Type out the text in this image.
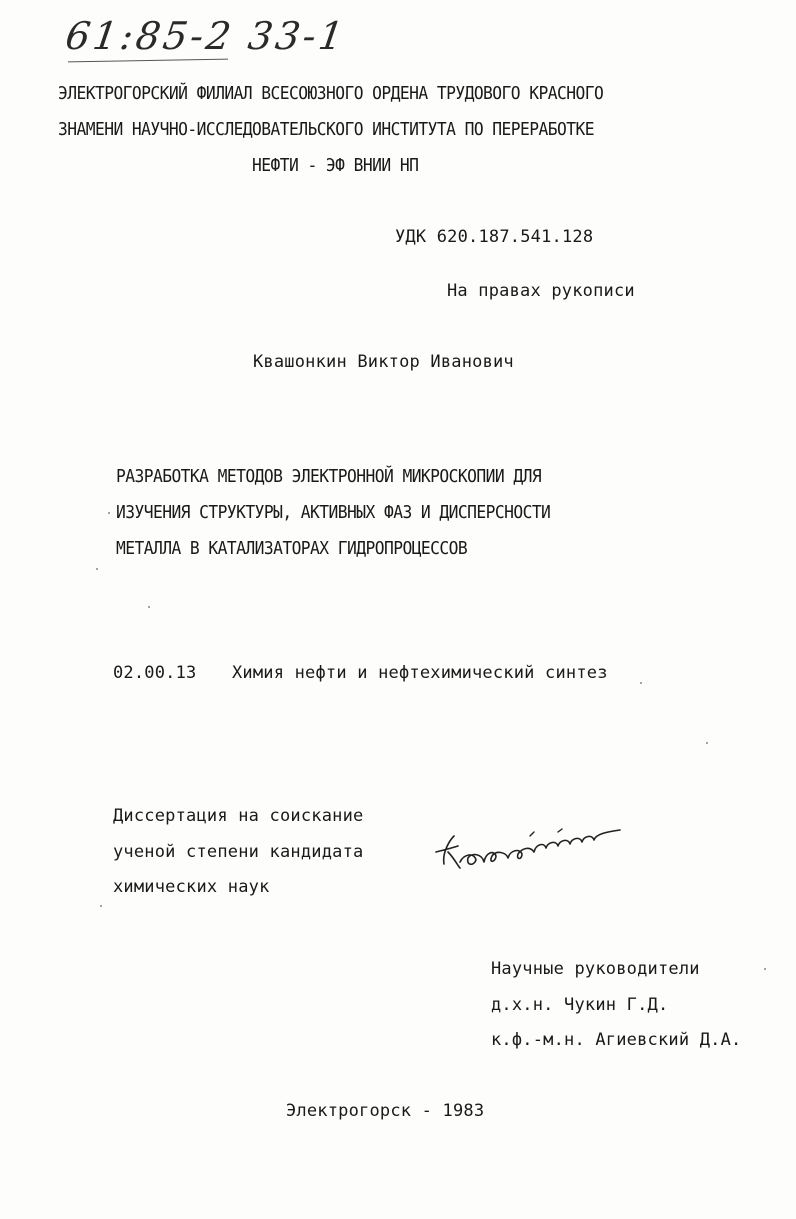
61:85-2 33-1
ЭЛЕКТРОГОРСКИЙ ФИЛИАЛ ВСЕСОЮЗНОГО ОРДЕНА ТРУДОВОГО КРАСНОГО
ЗНАМЕНИ НАУЧНО-ИССЛЕДОВАТЕЛЬСКОГО ИНСТИТУТА ПО ПЕРЕРАБОТКЕ
НЕФТИ - ЭФ ВНИИ НП
УДК 620.187.541.128
На правах рукописи
Квашонкин Виктор Иванович
РАЗРАБОТКА МЕТОДОВ ЭЛЕКТРОННОЙ МИКРОСКОПИИ ДЛЯ
ИЗУЧЕНИЯ СТРУКТУРЫ, АКТИВНЫХ ФАЗ И ДИСПЕРСНОСТИ
МЕТАЛЛА В КАТАЛИЗАТОРАХ ГИДРОПРОЦЕССОВ
02.00.13 Химия нефти и нефтехимический синтез
Диссертация на соискание
ученой степени кандидата
химических наук
Научные руководители
д.х.н. Чукин Г.Д.
к.ф.-м.н. Агиевский Д.А.
Электрогорск - 1983
